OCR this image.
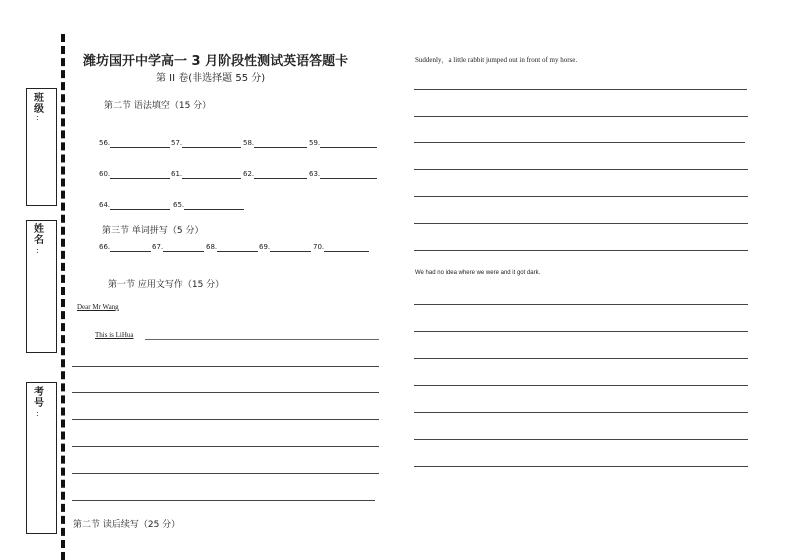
班级
:
姓名
:
考号
:
潍坊国开中学高一 3 月阶段性测试英语答题卡
第 II 卷(非选择题 55 分)
第二节 语法填空（15 分）
56.	57.	58.	59.
60.	61.	62.	63.
64.	65.
第三节 单词拼写（5 分）
66.	67.	68.	69.	70.
第一节 应用文写作（15 分）
Dear Mr Wang
This is LiHua
第二节 读后续写（25 分）
Suddenly，a little rabbit jumped out in front of my horse.
We had no idea where we were and it got dark.
